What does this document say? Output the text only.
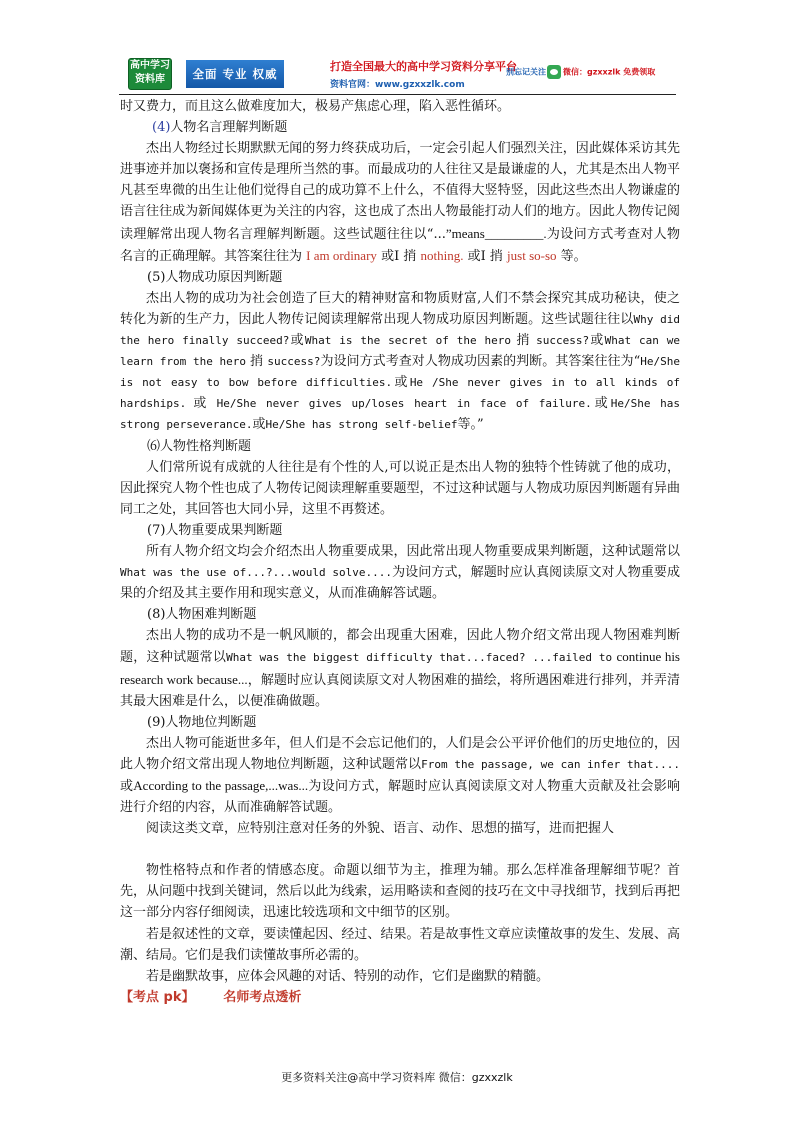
高中学习
资料库	全面 专业 权威
打造全国最大的高中学习资料分享平台
资料官网：www.gzxxzlk.com
别忘记关注 微信：gzxxzlk 免费领取

时又费力，而且这么做难度加大，极易产焦虑心理，陷入恶性循环。

(4)人物名言理解判断题

杰出人物经过长期默默无闻的努力终获成功后，一定会引起人们强烈关注，因此媒体采访其先进事迹并加以褒扬和宣传是理所当然的事。而最成功的人往往又是最谦虚的人，尤其是杰出人物平凡甚至卑微的出生让他们觉得自己的成功算不上什么，不值得大竖特竖，因此这些杰出人物谦虚的语言往往成为新闻媒体更为关注的内容，这也成了杰出人物最能打动人们的地方。因此人物传记阅读理解常出现人物名言理解判断题。这些试题往往以“...”means_________.为设问方式考查对人物名言的正确理解。其答案往往为 I am ordinary 或I 捎 nothing. 或I 捎 just so-so 等。

(5)人物成功原因判断题

杰出人物的成功为社会创造了巨大的精神财富和物质财富,人们不禁会探究其成功秘诀，使之转化为新的生产力，因此人物传记阅读理解常出现人物成功原因判断题。这些试题往往以Why did the hero finally succeed?或What is the secret of the hero 捎 success?或What can we learn from the hero 捎 success?为设问方式考查对人物成功因素的判断。其答案往往为“He/She is not easy to bow before difficulties.或He /She never gives in to all kinds of hardships. 或 He/She never gives up/loses heart in face of failure.或He/She has strong perseverance.或He/She has strong self-belief等。”

⑹人物性格判断题

人们常所说有成就的人往往是有个性的人,可以说正是杰出人物的独特个性铸就了他的成功，因此探究人物个性也成了人物传记阅读理解重要题型，不过这种试题与人物成功原因判断题有异曲同工之处，其回答也大同小异，这里不再赘述。

(7)人物重要成果判断题

所有人物介绍文均会介绍杰出人物重要成果，因此常出现人物重要成果判断题，这种试题常以What was the use of...?...would solve....为设问方式，解题时应认真阅读原文对人物重要成果的介绍及其主要作用和现实意义，从而准确解答试题。

(8)人物困难判断题

杰出人物的成功不是一帆风顺的，都会出现重大困难，因此人物介绍文常出现人物困难判断题，这种试题常以What was the biggest difficulty that...faced? ...failed to continue his research work because...，解题时应认真阅读原文对人物困难的描绘，将所遇困难进行排列，并弄清其最大困难是什么，以便准确做题。

(9)人物地位判断题

杰出人物可能逝世多年，但人们是不会忘记他们的，人们是会公平评价他们的历史地位的，因此人物介绍文常出现人物地位判断题，这种试题常以From the passage, we can infer that....或According to the passage,...was...为设问方式，解题时应认真阅读原文对人物重大贡献及社会影响进行介绍的内容，从而准确解答试题。

阅读这类文章，应特别注意对任务的外貌、语言、动作、思想的描写，进而把握人

物性格特点和作者的情感态度。命题以细节为主，推理为辅。那么怎样准备理解细节呢？首先，从问题中找到关键词，然后以此为线索，运用略读和查阅的技巧在文中寻找细节，找到后再把这一部分内容仔细阅读，迅速比较选项和文中细节的区别。

若是叙述性的文章，要读懂起因、经过、结果。若是故事性文章应读懂故事的发生、发展、高潮、结局。它们是我们读懂故事所必需的。

若是幽默故事，应体会风趣的对话、特别的动作，它们是幽默的精髓。

【考点 pk】 名师考点透析

更多资料关注@高中学习资料库 微信：gzxxzlk
